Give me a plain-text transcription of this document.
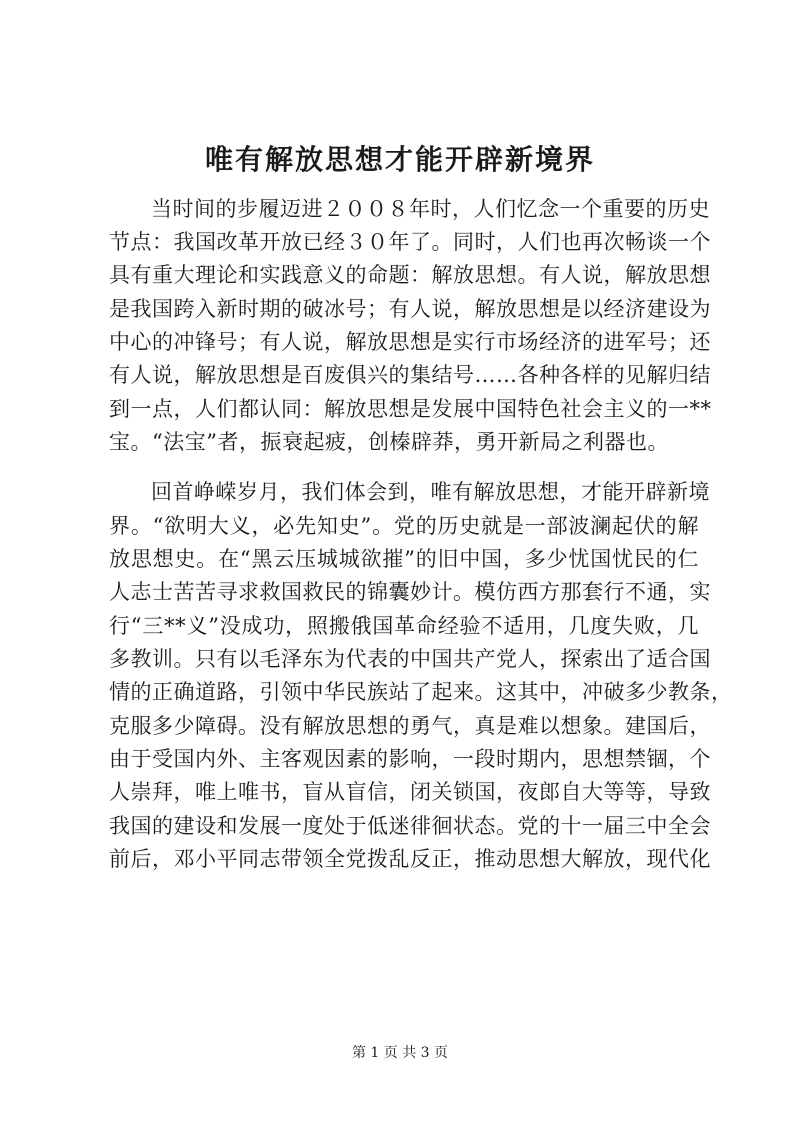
唯有解放思想才能开辟新境界
当时间的步履迈进２００８年时，人们忆念一个重要的历史
节点：我国改革开放已经３０年了。同时，人们也再次畅谈一个
具有重大理论和实践意义的命题：解放思想。有人说，解放思想
是我国跨入新时期的破冰号；有人说，解放思想是以经济建设为
中心的冲锋号；有人说，解放思想是实行市场经济的进军号；还
有人说，解放思想是百废俱兴的集结号……各种各样的见解归结
到一点，人们都认同：解放思想是发展中国特色社会主义的一**
宝。“法宝”者，振衰起疲，创榛辟莽，勇开新局之利器也。
回首峥嵘岁月，我们体会到，唯有解放思想，才能开辟新境
界。“欲明大义，必先知史”。党的历史就是一部波澜起伏的解
放思想史。在“黑云压城城欲摧”的旧中国，多少忧国忧民的仁
人志士苦苦寻求救国救民的锦囊妙计。模仿西方那套行不通，实
行“三**义”没成功，照搬俄国革命经验不适用，几度失败，几
多教训。只有以毛泽东为代表的中国共产党人，探索出了适合国
情的正确道路，引领中华民族站了起来。这其中，冲破多少教条，
克服多少障碍。没有解放思想的勇气，真是难以想象。建国后，
由于受国内外、主客观因素的影响，一段时期内，思想禁锢，个
人崇拜，唯上唯书，盲从盲信，闭关锁国，夜郎自大等等，导致
我国的建设和发展一度处于低迷徘徊状态。党的十一届三中全会
前后，邓小平同志带领全党拨乱反正，推动思想大解放，现代化
第 1 页 共 3 页
